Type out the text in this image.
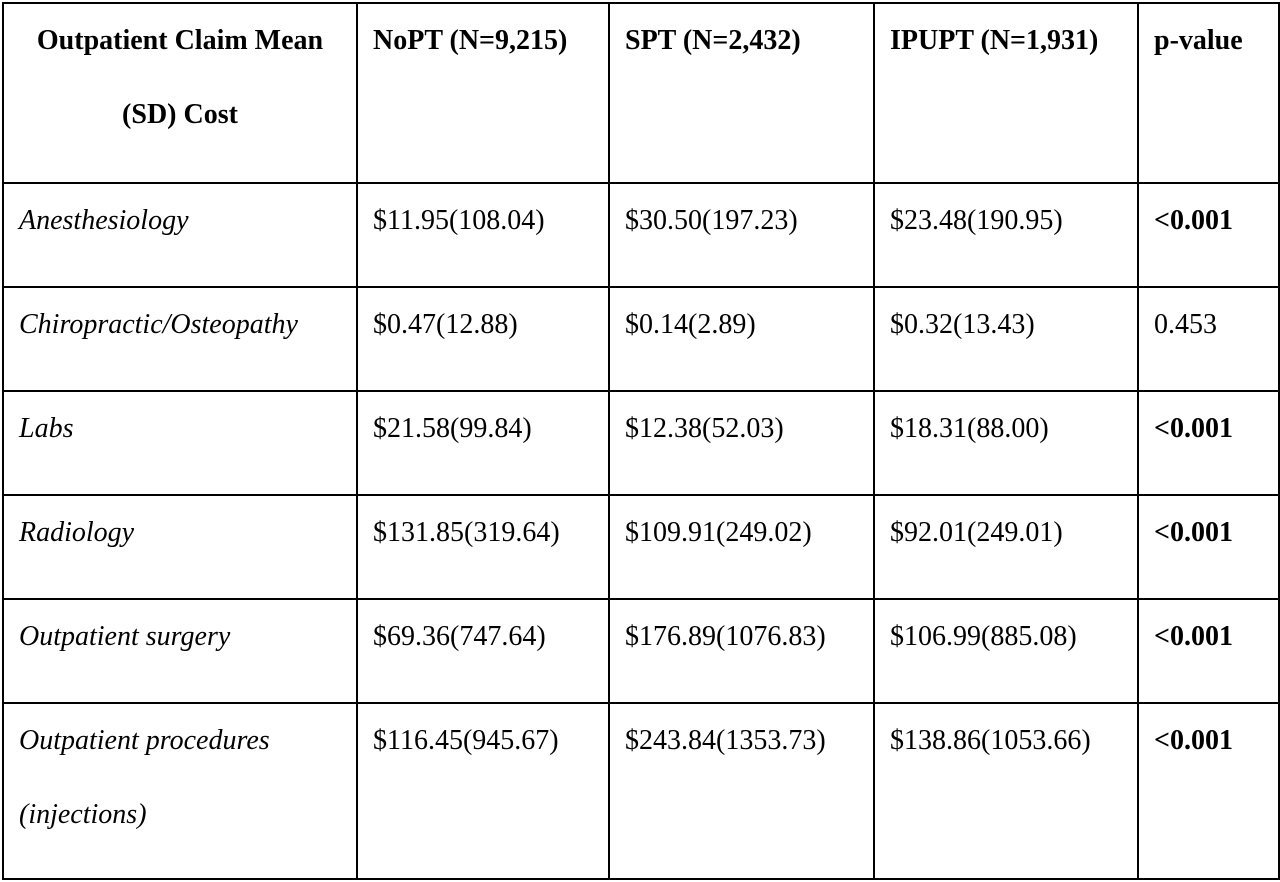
Outpatient Claim Mean (SD) Cost	NoPT (N=9,215)	SPT (N=2,432)	IPUPT (N=1,931)	p-value

Anesthesiology	$11.95(108.04)	$30.50(197.23)	$23.48(190.95)	<0.001

Chiropractic/Osteopathy	$0.47(12.88)	$0.14(2.89)	$0.32(13.43)	0.453

Labs	$21.58(99.84)	$12.38(52.03)	$18.31(88.00)	<0.001

Radiology	$131.85(319.64)	$109.91(249.02)	$92.01(249.01)	<0.001

Outpatient surgery	$69.36(747.64)	$176.89(1076.83)	$106.99(885.08)	<0.001

Outpatient procedures (injections)	$116.45(945.67)	$243.84(1353.73)	$138.86(1053.66)	<0.001
